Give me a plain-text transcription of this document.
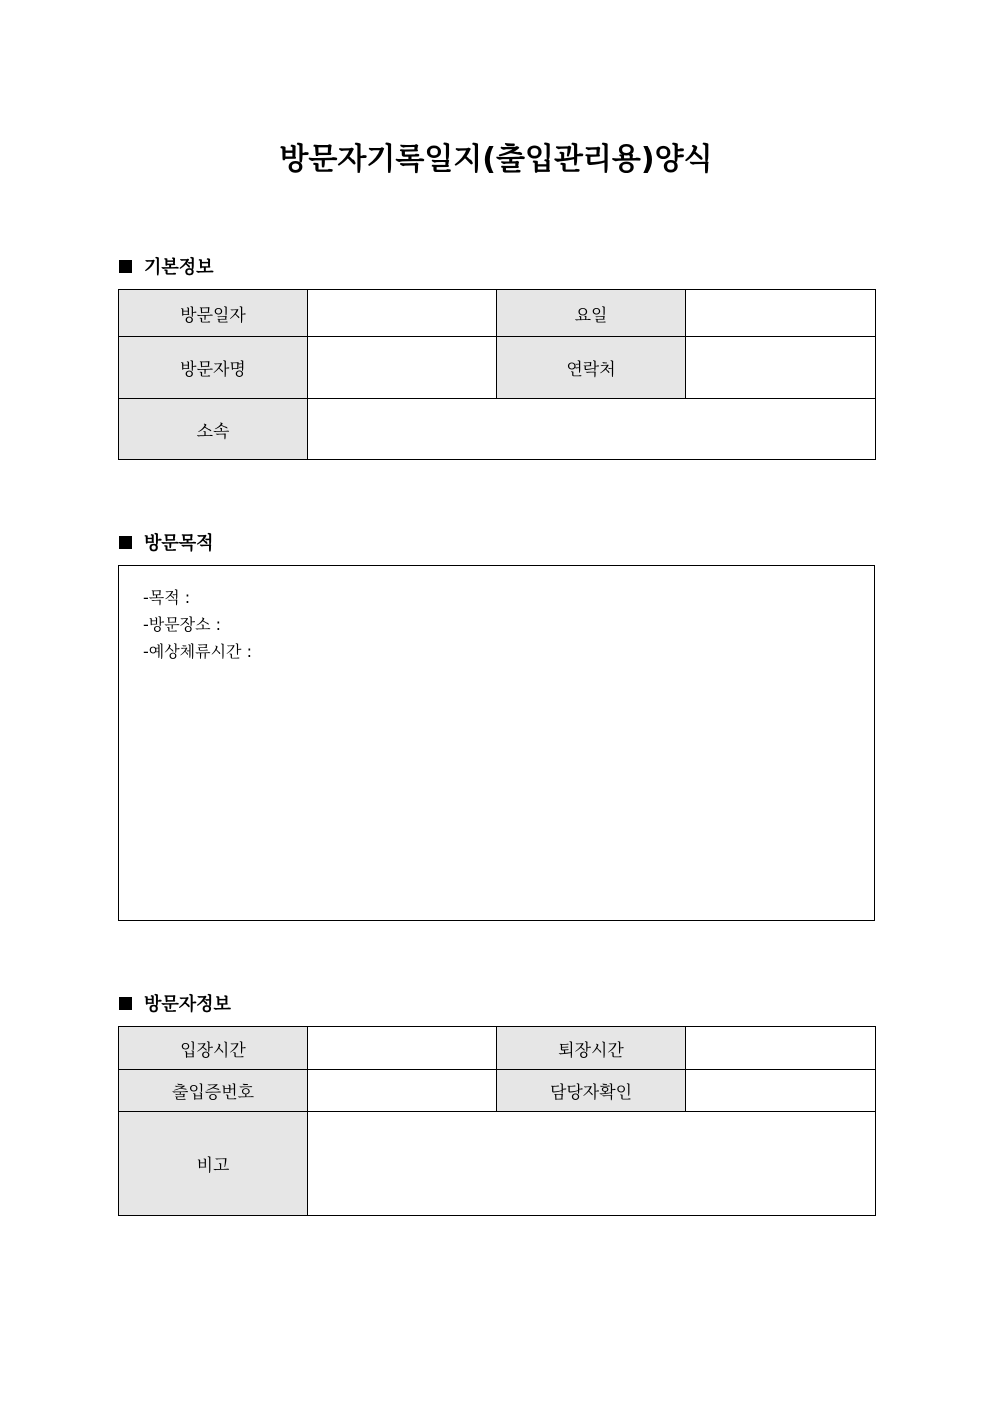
방문자기록일지(출입관리용)양식
기본정보
방문일자		요일	
방문자명		연락처	
소속			
방문목적
-목적 :
-방문장소 :
-예상체류시간 :
방문자정보
입장시간		퇴장시간	
출입증번호		담당자확인	
비고			
